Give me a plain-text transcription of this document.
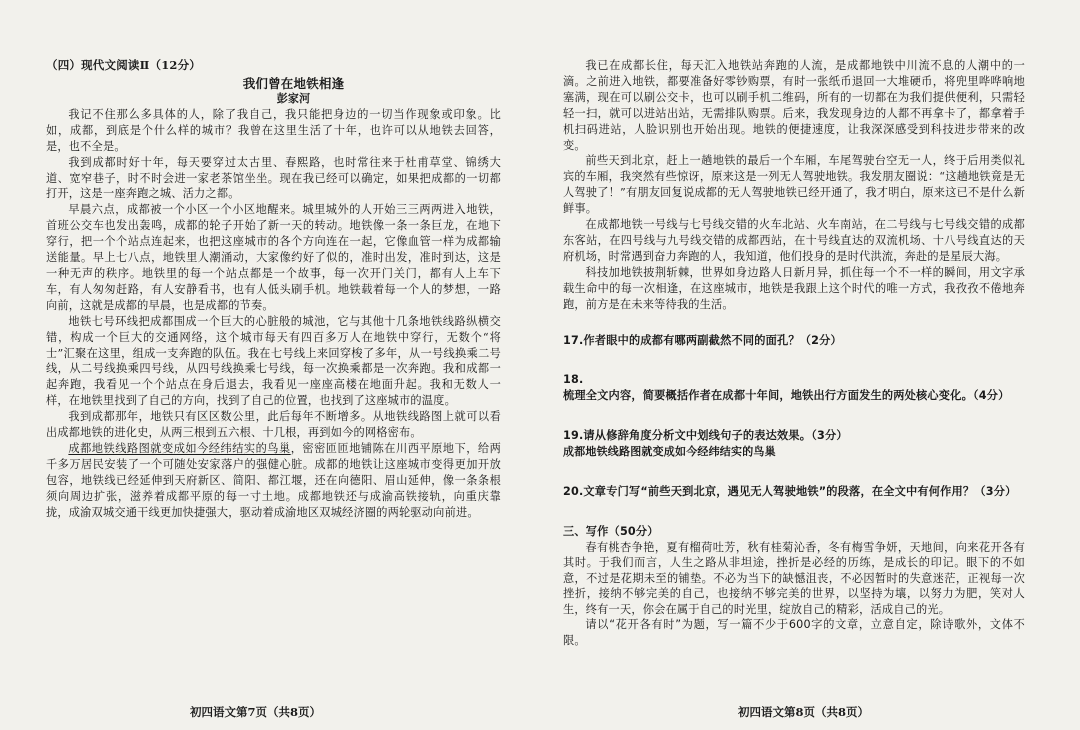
（四）现代文阅读Ⅱ（12分）
我们曾在地铁相逢
彭家河

我记不住那么多具体的人，除了我自己，我只能把身边的一切当作现象或印象。比如，成都，到底是个什么样的城市？我曾在这里生活了十年，也许可以从地铁去回答，是，也不全是。

我到成都时好十年，每天要穿过太古里、春熙路，也时常往来于杜甫草堂、锦绣大道、宽窄巷子，时不时会进一家老茶馆坐坐。现在我已经可以确定，如果把成都的一切都打开，这是一座奔跑之城、活力之都。

早晨六点，成都被一个小区一个小区地醒来。城里城外的人开始三三两两进入地铁，首班公交车也发出轰鸣，成都的轮子开始了新一天的转动。地铁像一条一条巨龙，在地下穿行，把一个个站点连起来，也把这座城市的各个方向连在一起，它像血管一样为成都输送能量。早上七八点，地铁里人潮涌动，大家像约好了似的，准时出发，准时到达，这是一种无声的秩序。地铁里的每一个站点都是一个故事，每一次开门关门，都有人上车下车，有人匆匆赶路，有人安静看书，也有人低头刷手机。地铁载着每一个人的梦想，一路向前，这就是成都的早晨，也是成都的节奏。

地铁七号环线把成都围成一个巨大的心脏般的城池，它与其他十几条地铁线路纵横交错，构成一个巨大的交通网络，这个城市每天有四百多万人在地铁中穿行，无数个“将士”汇聚在这里，组成一支奔跑的队伍。我在七号线上来回穿梭了多年，从一号线换乘二号线，从二号线换乘四号线，从四号线换乘七号线，每一次换乘都是一次奔跑。我和成都一起奔跑，我看见一个个站点在身后退去，我看见一座座高楼在地面升起。我和无数人一样，在地铁里找到了自己的方向，找到了自己的位置，也找到了这座城市的温度。

我到成都那年，地铁只有区区数公里，此后每年不断增多。从地铁线路图上就可以看出成都地铁的进化史，从两三根到五六根、十几根，再到如今的网格密布。

成都地铁线路图就变成如今经纬结实的鸟巢，密密匝匝地铺陈在川西平原地下，给两千多万居民安装了一个可随处安家落户的强健心脏。成都的地铁让这座城市变得更加开放包容，地铁线已经延伸到天府新区、简阳、都江堰，还在向德阳、眉山延伸，像一条条根须向周边扩张，滋养着成都平原的每一寸土地。成都地铁还与成渝高铁接轨，向重庆靠拢，成渝双城交通干线更加快捷强大，驱动着成渝地区双城经济圈的两轮驱动向前进。

初四语文第7页（共8页）

我已在成都长住，每天汇入地铁站奔跑的人流，是成都地铁中川流不息的人潮中的一滴。之前进入地铁，都要准备好零钞购票，有时一张纸币退回一大堆硬币，将兜里哗哗响地塞满，现在可以刷公交卡，也可以刷手机二维码，所有的一切都在为我们提供便利，只需轻轻一扫，就可以进站出站，无需排队购票。后来，我发现身边的人都不再拿卡了，都拿着手机扫码进站，人脸识别也开始出现。地铁的便捷速度，让我深深感受到科技进步带来的改变。

前些天到北京，赶上一趟地铁的最后一个车厢，车尾驾驶台空无一人，终于后用类似礼宾的车厢，我突然有些惊讶，原来这是一列无人驾驶地铁。我发朋友圈说：“这趟地铁竟是无人驾驶了！”有朋友回复说成都的无人驾驶地铁已经开通了，我才明白，原来这已不是什么新鲜事。

在成都地铁一号线与七号线交错的火车北站、火车南站，在二号线与七号线交错的成都东客站，在四号线与九号线交错的成都西站，在十号线直达的双流机场、十八号线直达的天府机场，时常遇到奋力奔跑的人，我知道，他们投身的是时代洪流，奔赴的是星辰大海。

科技加地铁披荆斩棘，世界如身边路人日新月异，抓住每一个不一样的瞬间，用文字承载生命中的每一次相逢，在这座城市，地铁是我跟上这个时代的唯一方式，我孜孜不倦地奔跑，前方是在未来等待我的生活。

17.作者眼中的成都有哪两副截然不同的面孔？（2分）

18.梳理全文内容，简要概括作者在成都十年间，地铁出行方面发生的两处核心变化。（4分）

19.请从修辞角度分析文中划线句子的表达效果。（3分）

成都地铁线路图就变成如今经纬结实的鸟巢

20.文章专门写“前些天到北京，遇见无人驾驶地铁”的段落，在全文中有何作用？（3分）

三、写作（50分）

春有桃杏争艳，夏有榴荷吐芳，秋有桂菊沁香，冬有梅雪争妍，天地间，向来花开各有其时。于我们而言，人生之路从非坦途，挫折是必经的历练，是成长的印记。眼下的不如意，不过是花期未至的铺垫。不必为当下的缺憾沮丧，不必因暂时的失意迷茫，正视每一次挫折，接纳不够完美的自己，也接纳不够完美的世界，以坚持为壤，以努力为肥，笑对人生，终有一天，你会在属于自己的时光里，绽放自己的精彩，活成自己的光。

请以“花开各有时”为题，写一篇不少于600字的文章，立意自定，除诗歌外，文体不限。

初四语文第8页（共8页）
